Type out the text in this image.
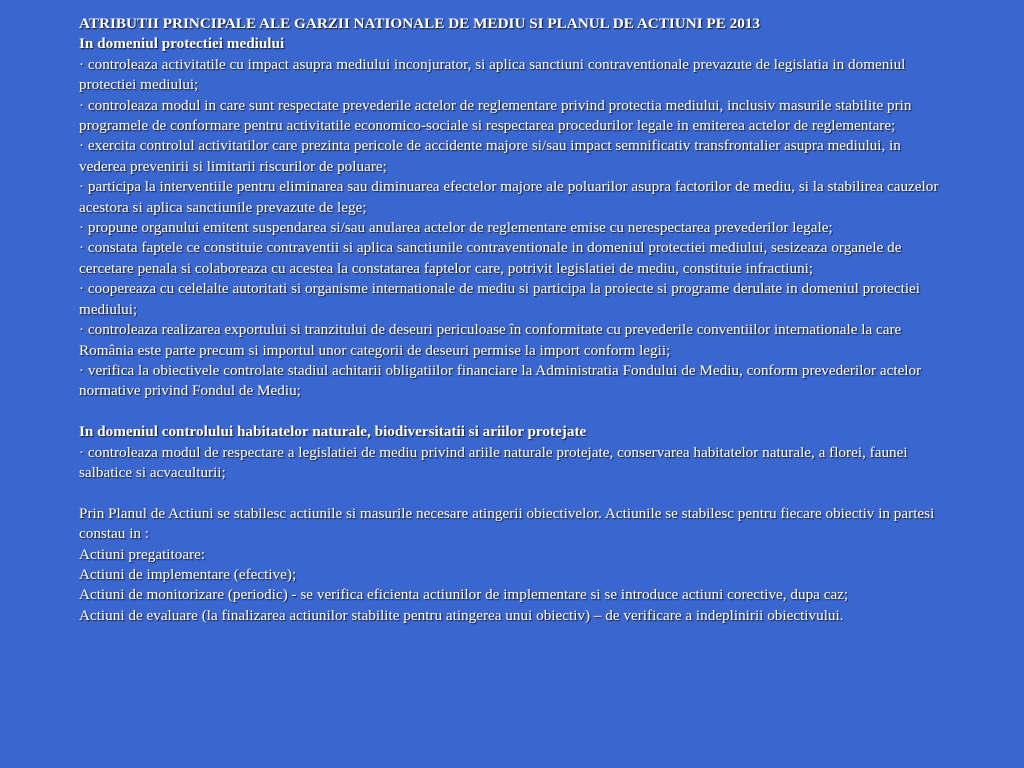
ATRIBUTII PRINCIPALE ALE GARZII NATIONALE DE MEDIU SI PLANUL DE ACTIUNI PE 2013

In domeniul protectiei mediului

· controleaza activitatile cu impact asupra mediului inconjurator, si aplica sanctiuni contraventionale prevazute de legislatia in domeniul protectiei mediului;

· controleaza modul in care sunt respectate prevederile actelor de reglementare privind protectia mediului, inclusiv masurile stabilite prin programele de conformare pentru activitatile economico-sociale si respectarea procedurilor legale in emiterea actelor de reglementare;

· exercita controlul activitatilor care prezinta pericole de accidente majore si/sau impact semnificativ transfrontalier asupra mediului, in vederea prevenirii si limitarii riscurilor de poluare;

· participa la interventiile pentru eliminarea sau diminuarea efectelor majore ale poluarilor asupra factorilor de mediu, si la stabilirea cauzelor acestora si aplica sanctiunile prevazute de lege;

· propune organului emitent suspendarea si/sau anularea actelor de reglementare emise cu nerespectarea prevederilor legale;

· constata faptele ce constituie contraventii si aplica sanctiunile contraventionale in domeniul protectiei mediului, sesizeaza organele de cercetare penala si colaboreaza cu acestea la constatarea faptelor care, potrivit legislatiei de mediu, constituie infractiuni;

· coopereaza cu celelalte autoritati si organisme internationale de mediu si participa la proiecte si programe derulate in domeniul protectiei mediului;

· controleaza realizarea exportului si tranzitului de deseuri periculoase în conformitate cu prevederile conventiilor internationale la care România este parte precum si importul unor categorii de deseuri permise la import conform legii;

· verifica la obiectivele controlate stadiul achitarii obligatiilor financiare la Administratia Fondului de Mediu, conform prevederilor actelor normative privind Fondul de Mediu;

In domeniul controlului habitatelor naturale, biodiversitatii si ariilor protejate

· controleaza modul de respectare a legislatiei de mediu privind ariile naturale protejate, conservarea habitatelor naturale, a florei, faunei salbatice si acvaculturii;

Prin Planul de Actiuni se stabilesc actiunile si masurile necesare atingerii obiectivelor. Actiunile se stabilesc pentru fiecare obiectiv in partesi constau in :

Actiuni pregatitoare:

Actiuni de implementare (efective);

Actiuni de monitorizare (periodic) - se verifica eficienta actiunilor de implementare si se introduce actiuni corective, dupa caz;

Actiuni de evaluare (la finalizarea actiunilor stabilite pentru atingerea unui obiectiv) – de verificare a indeplinirii obiectivului.
